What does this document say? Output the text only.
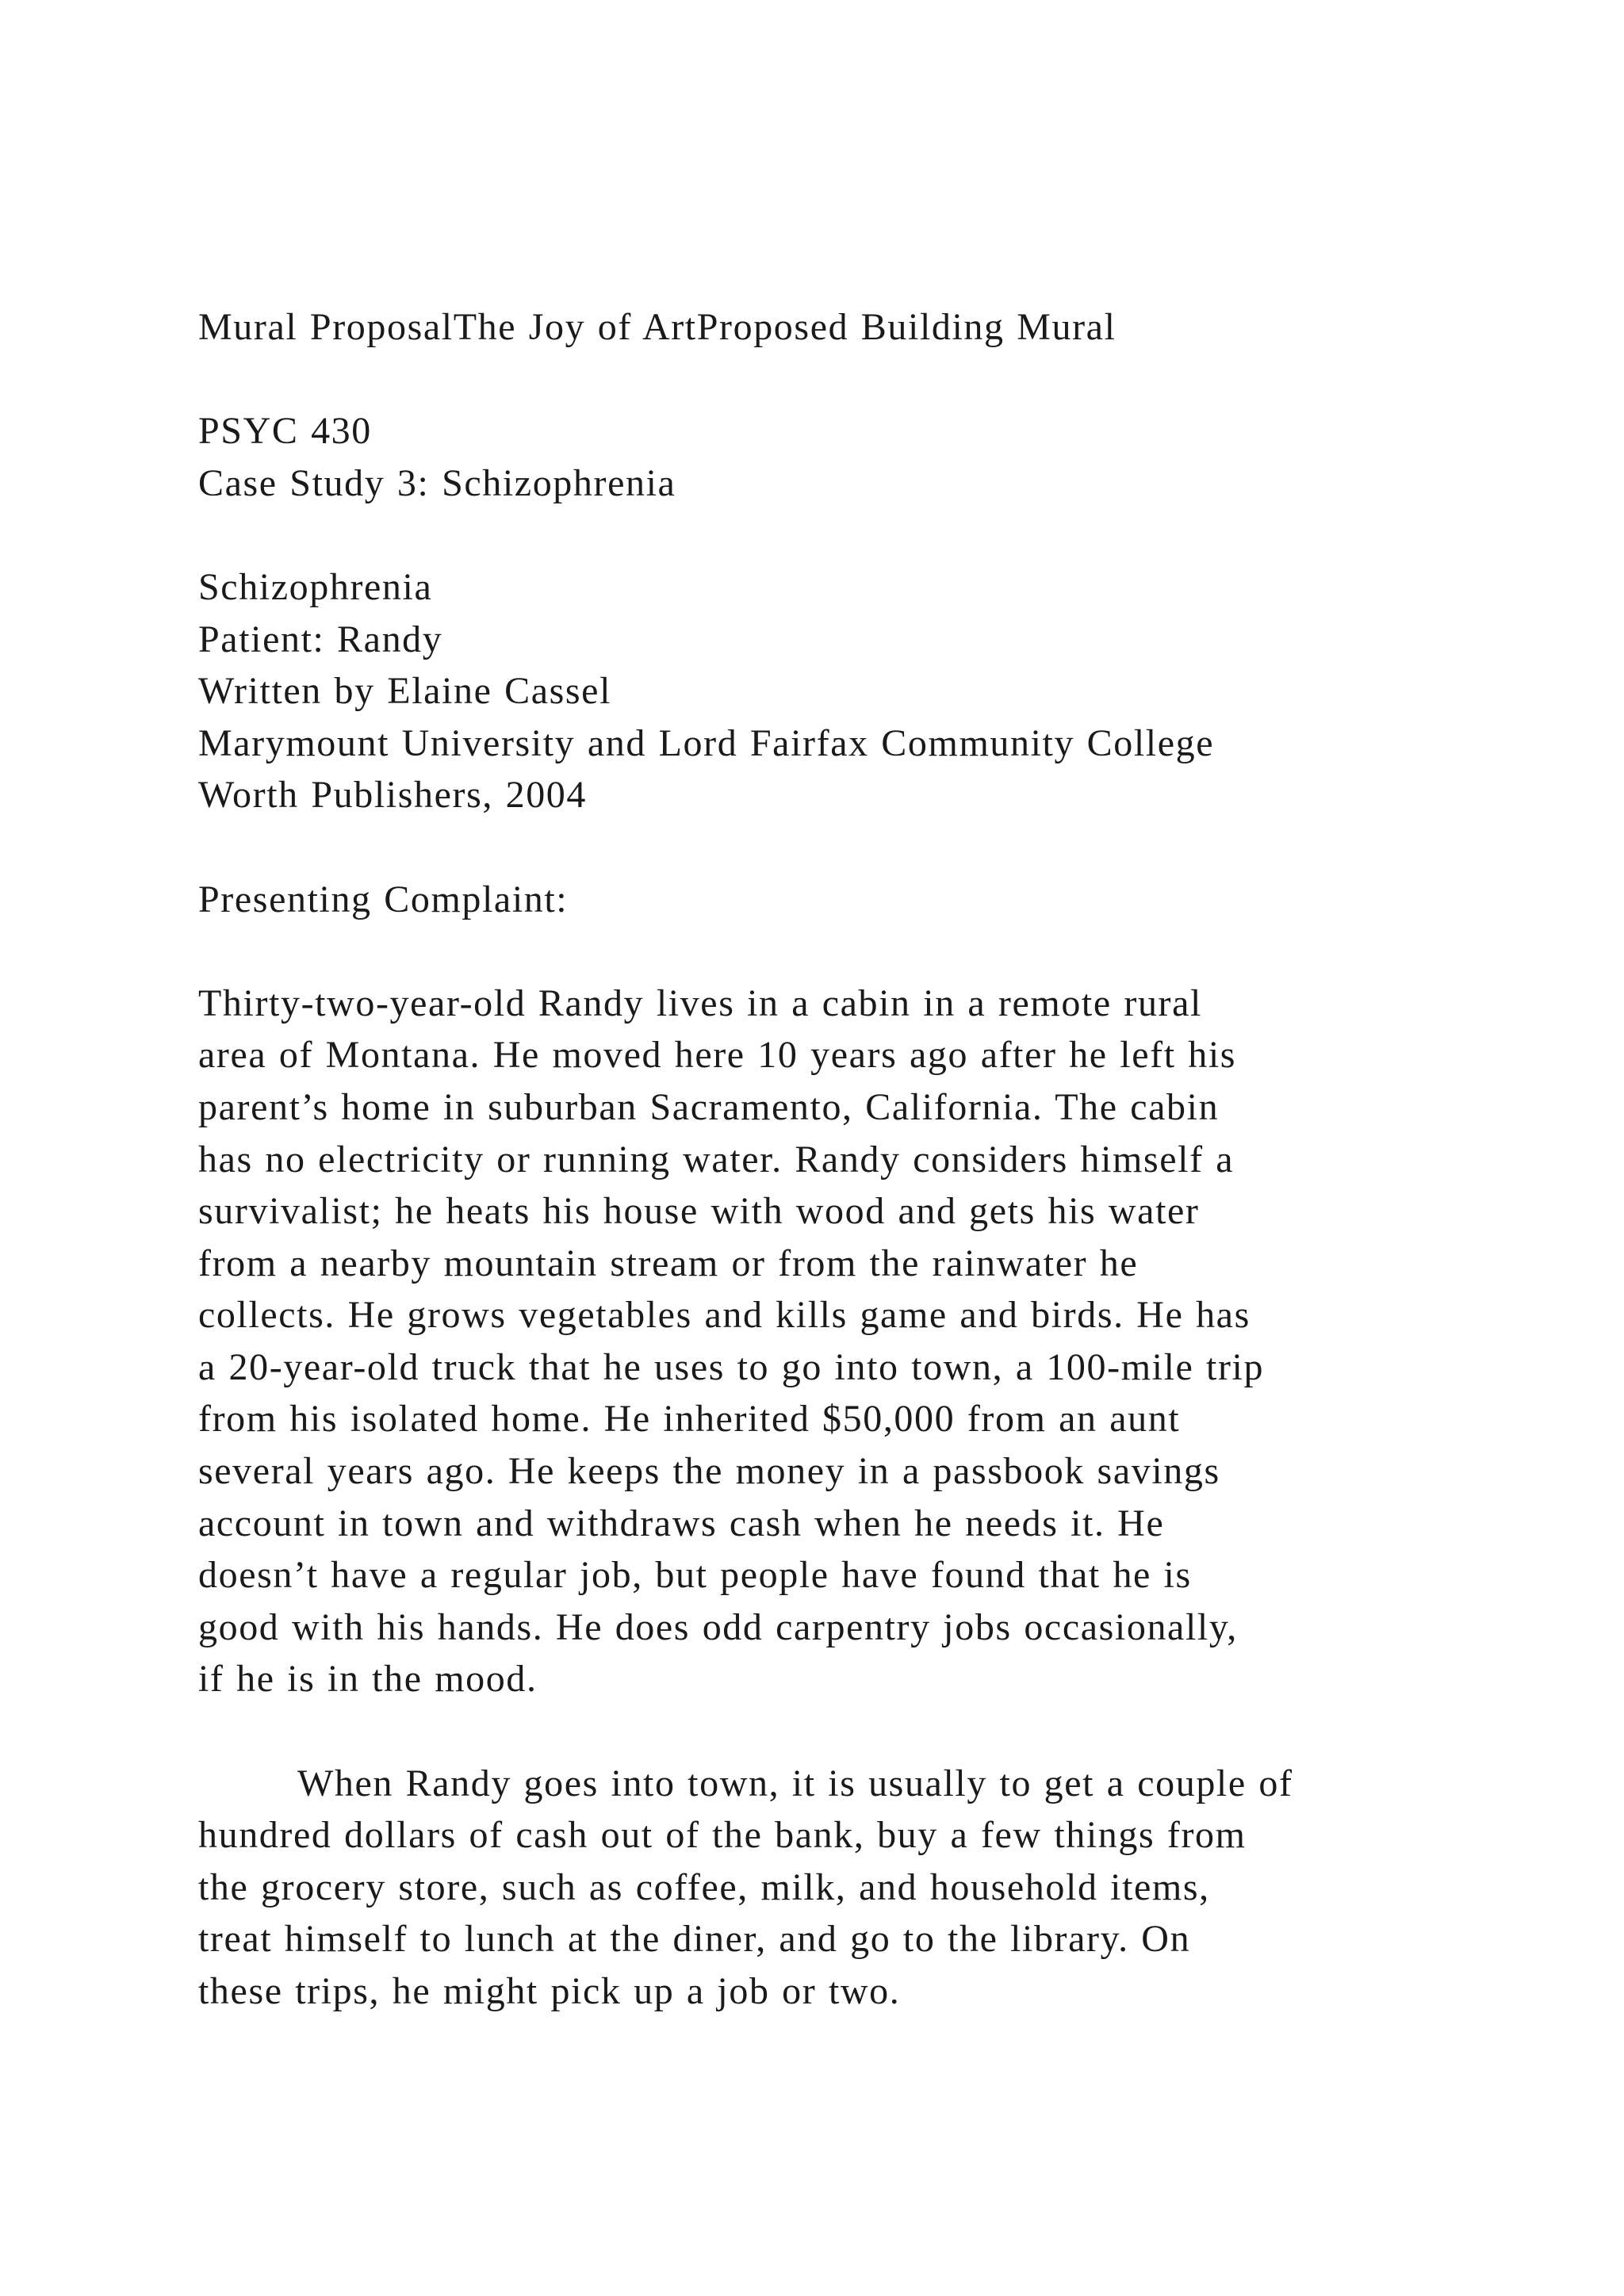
Mural ProposalThe Joy of ArtProposed Building Mural
PSYC 430
Case Study 3: Schizophrenia
Schizophrenia
Patient: Randy
Written by Elaine Cassel
Marymount University and Lord Fairfax Community College
Worth Publishers, 2004
Presenting Complaint:
Thirty-two-year-old Randy lives in a cabin in a remote rural
area of Montana. He moved here 10 years ago after he left his
parent’s home in suburban Sacramento, California. The cabin
has no electricity or running water. Randy considers himself a
survivalist; he heats his house with wood and gets his water
from a nearby mountain stream or from the rainwater he
collects. He grows vegetables and kills game and birds. He has
a 20-year-old truck that he uses to go into town, a 100-mile trip
from his isolated home. He inherited $50,000 from an aunt
several years ago. He keeps the money in a passbook savings
account in town and withdraws cash when he needs it. He
doesn’t have a regular job, but people have found that he is
good with his hands. He does odd carpentry jobs occasionally,
if he is in the mood.
When Randy goes into town, it is usually to get a couple of
hundred dollars of cash out of the bank, buy a few things from
the grocery store, such as coffee, milk, and household items,
treat himself to lunch at the diner, and go to the library. On
these trips, he might pick up a job or two.
